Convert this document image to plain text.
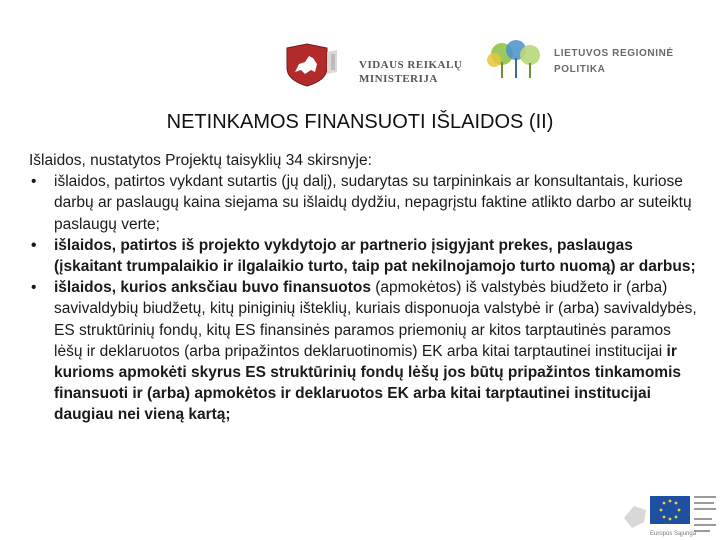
VIDAUS REIKALŲ MINISTERIJA
LIETUVOS REGIONINĖ POLITIKA
NETINKAMOS FINANSUOTI IŠLAIDOS (II)

Išlaidos, nustatytos Projektų taisyklių 34 skirsnyje:

• išlaidos, patirtos vykdant sutartis (jų dalį), sudarytas su tarpininkais ar konsultantais, kuriose darbų ar paslaugų kaina siejama su išlaidų dydžiu, nepagrįstu faktine atlikto darbo ar suteiktų paslaugų verte;
• išlaidos, patirtos iš projekto vykdytojo ar partnerio įsigyjant prekes, paslaugas (įskaitant trumpalaikio ir ilgalaikio turto, taip pat nekilnojamojo turto nuomą) ar darbus;
• išlaidos, kurios anksčiau buvo finansuotos (apmokėtos) iš valstybės biudžeto ir (arba) savivaldybių biudžetų, kitų piniginių išteklių, kuriais disponuoja valstybė ir (arba) savivaldybės, ES struktūrinių fondų, kitų ES finansinės paramos priemonių ar kitos tarptautinės paramos lėšų ir deklaruotos (arba pripažintos deklaruotinomis) EK arba kitai tarptautinei institucijai ir kurioms apmokėti skyrus ES struktūrinių fondų lėšų jos būtų pripažintos tinkamomis finansuoti ir (arba) apmokėtos ir deklaruotos EK arba kitai tarptautinei institucijai daugiau nei vieną kartą;
Europos Sąjunga
